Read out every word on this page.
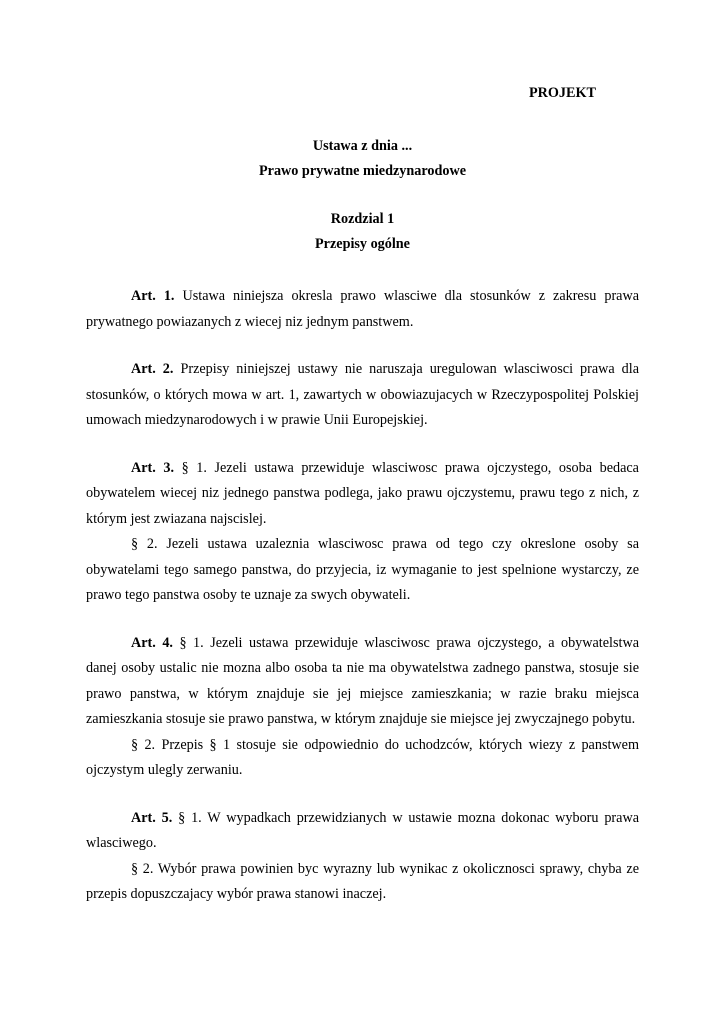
PROJEKT
Ustawa z dnia ...
Prawo prywatne miedzynarodowe
Rozdzial 1
Przepisy ogólne

Art. 1. Ustawa niniejsza okresla prawo wlasciwe dla stosunków z zakresu prawa prywatnego powiazanych z wiecej niz jednym panstwem.

Art. 2. Przepisy niniejszej ustawy nie naruszaja uregulowan wlasciwosci prawa dla stosunków, o których mowa w art. 1, zawartych w obowiazujacych w Rzeczypospolitej Polskiej umowach miedzynarodowych i w prawie Unii Europejskiej.

Art. 3. § 1. Jezeli ustawa przewiduje wlasciwosc prawa ojczystego, osoba bedaca obywatelem wiecej niz jednego panstwa podlega, jako prawu ojczystemu, prawu tego z nich, z którym jest zwiazana najscislej.

§ 2. Jezeli ustawa uzaleznia wlasciwosc prawa od tego czy okreslone osoby sa obywatelami tego samego panstwa, do przyjecia, iz wymaganie to jest spelnione wystarczy, ze prawo tego panstwa osoby te uznaje za swych obywateli.

Art. 4. § 1. Jezeli ustawa przewiduje wlasciwosc prawa ojczystego, a obywatelstwa danej osoby ustalic nie mozna albo osoba ta nie ma obywatelstwa zadnego panstwa, stosuje sie prawo panstwa, w którym znajduje sie jej miejsce zamieszkania; w razie braku miejsca zamieszkania stosuje sie prawo panstwa, w którym znajduje sie miejsce jej zwyczajnego pobytu.

§ 2. Przepis § 1 stosuje sie odpowiednio do uchodzców, których wiezy z panstwem ojczystym ulegly zerwaniu.

Art. 5. § 1. W wypadkach przewidzianych w ustawie mozna dokonac wyboru prawa wlasciwego.

§ 2. Wybór prawa powinien byc wyrazny lub wynikac z okolicznosci sprawy, chyba ze przepis dopuszczajacy wybór prawa stanowi inaczej.
